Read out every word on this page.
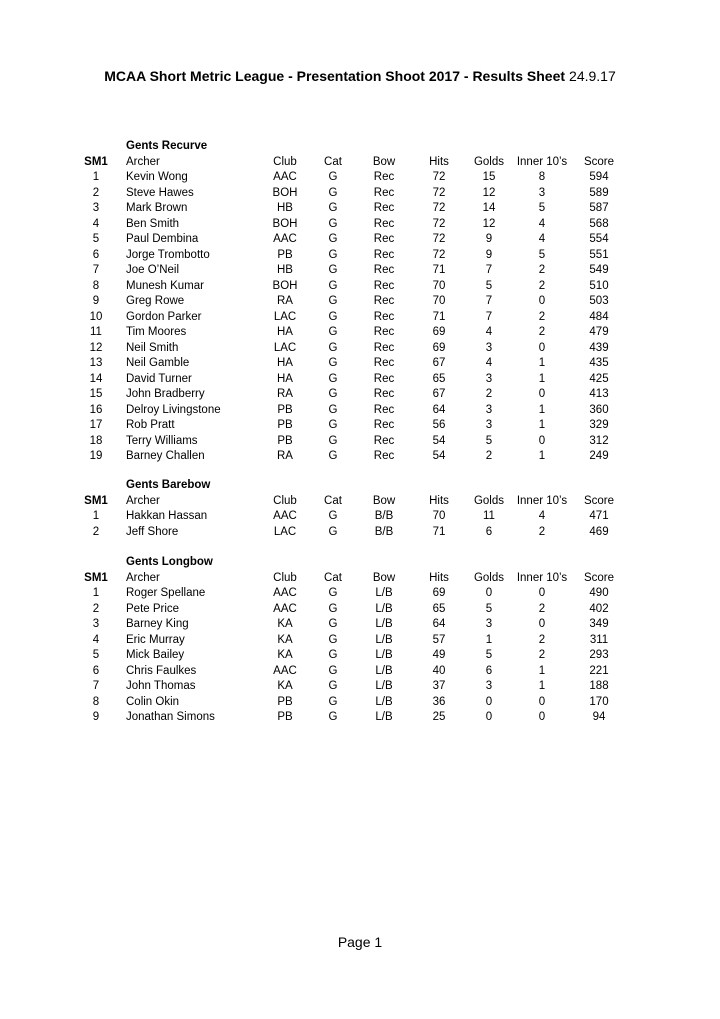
MCAA Short Metric League - Presentation Shoot 2017 - Results Sheet 24.9.17
Gents Recurve
SM1	Archer	Club	Cat	Bow	Hits	Golds	Inner 10’s	Score
1	Kevin Wong	AAC	G	Rec	72	15	8	594
2	Steve Hawes	BOH	G	Rec	72	12	3	589
3	Mark Brown	HB	G	Rec	72	14	5	587
4	Ben Smith	BOH	G	Rec	72	12	4	568
5	Paul Dembina	AAC	G	Rec	72	9	4	554
6	Jorge Trombotto	PB	G	Rec	72	9	5	551
7	Joe O’Neil	HB	G	Rec	71	7	2	549
8	Munesh Kumar	BOH	G	Rec	70	5	2	510
9	Greg Rowe	RA	G	Rec	70	7	0	503
10	Gordon Parker	LAC	G	Rec	71	7	2	484
11	Tim Moores	HA	G	Rec	69	4	2	479
12	Neil Smith	LAC	G	Rec	69	3	0	439
13	Neil Gamble	HA	G	Rec	67	4	1	435
14	David Turner	HA	G	Rec	65	3	1	425
15	John Bradberry	RA	G	Rec	67	2	0	413
16	Delroy Livingstone	PB	G	Rec	64	3	1	360
17	Rob Pratt	PB	G	Rec	56	3	1	329
18	Terry Williams	PB	G	Rec	54	5	0	312
19	Barney Challen	RA	G	Rec	54	2	1	249
Gents Barebow
SM1	Archer	Club	Cat	Bow	Hits	Golds	Inner 10’s	Score
1	Hakkan Hassan	AAC	G	B/B	70	11	4	471
2	Jeff Shore	LAC	G	B/B	71	6	2	469
Gents Longbow
SM1	Archer	Club	Cat	Bow	Hits	Golds	Inner 10’s	Score
1	Roger Spellane	AAC	G	L/B	69	0	0	490
2	Pete Price	AAC	G	L/B	65	5	2	402
3	Barney King	KA	G	L/B	64	3	0	349
4	Eric Murray	KA	G	L/B	57	1	2	311
5	Mick Bailey	KA	G	L/B	49	5	2	293
6	Chris Faulkes	AAC	G	L/B	40	6	1	221
7	John Thomas	KA	G	L/B	37	3	1	188
8	Colin Okin	PB	G	L/B	36	0	0	170
9	Jonathan Simons	PB	G	L/B	25	0	0	94
Page 1
